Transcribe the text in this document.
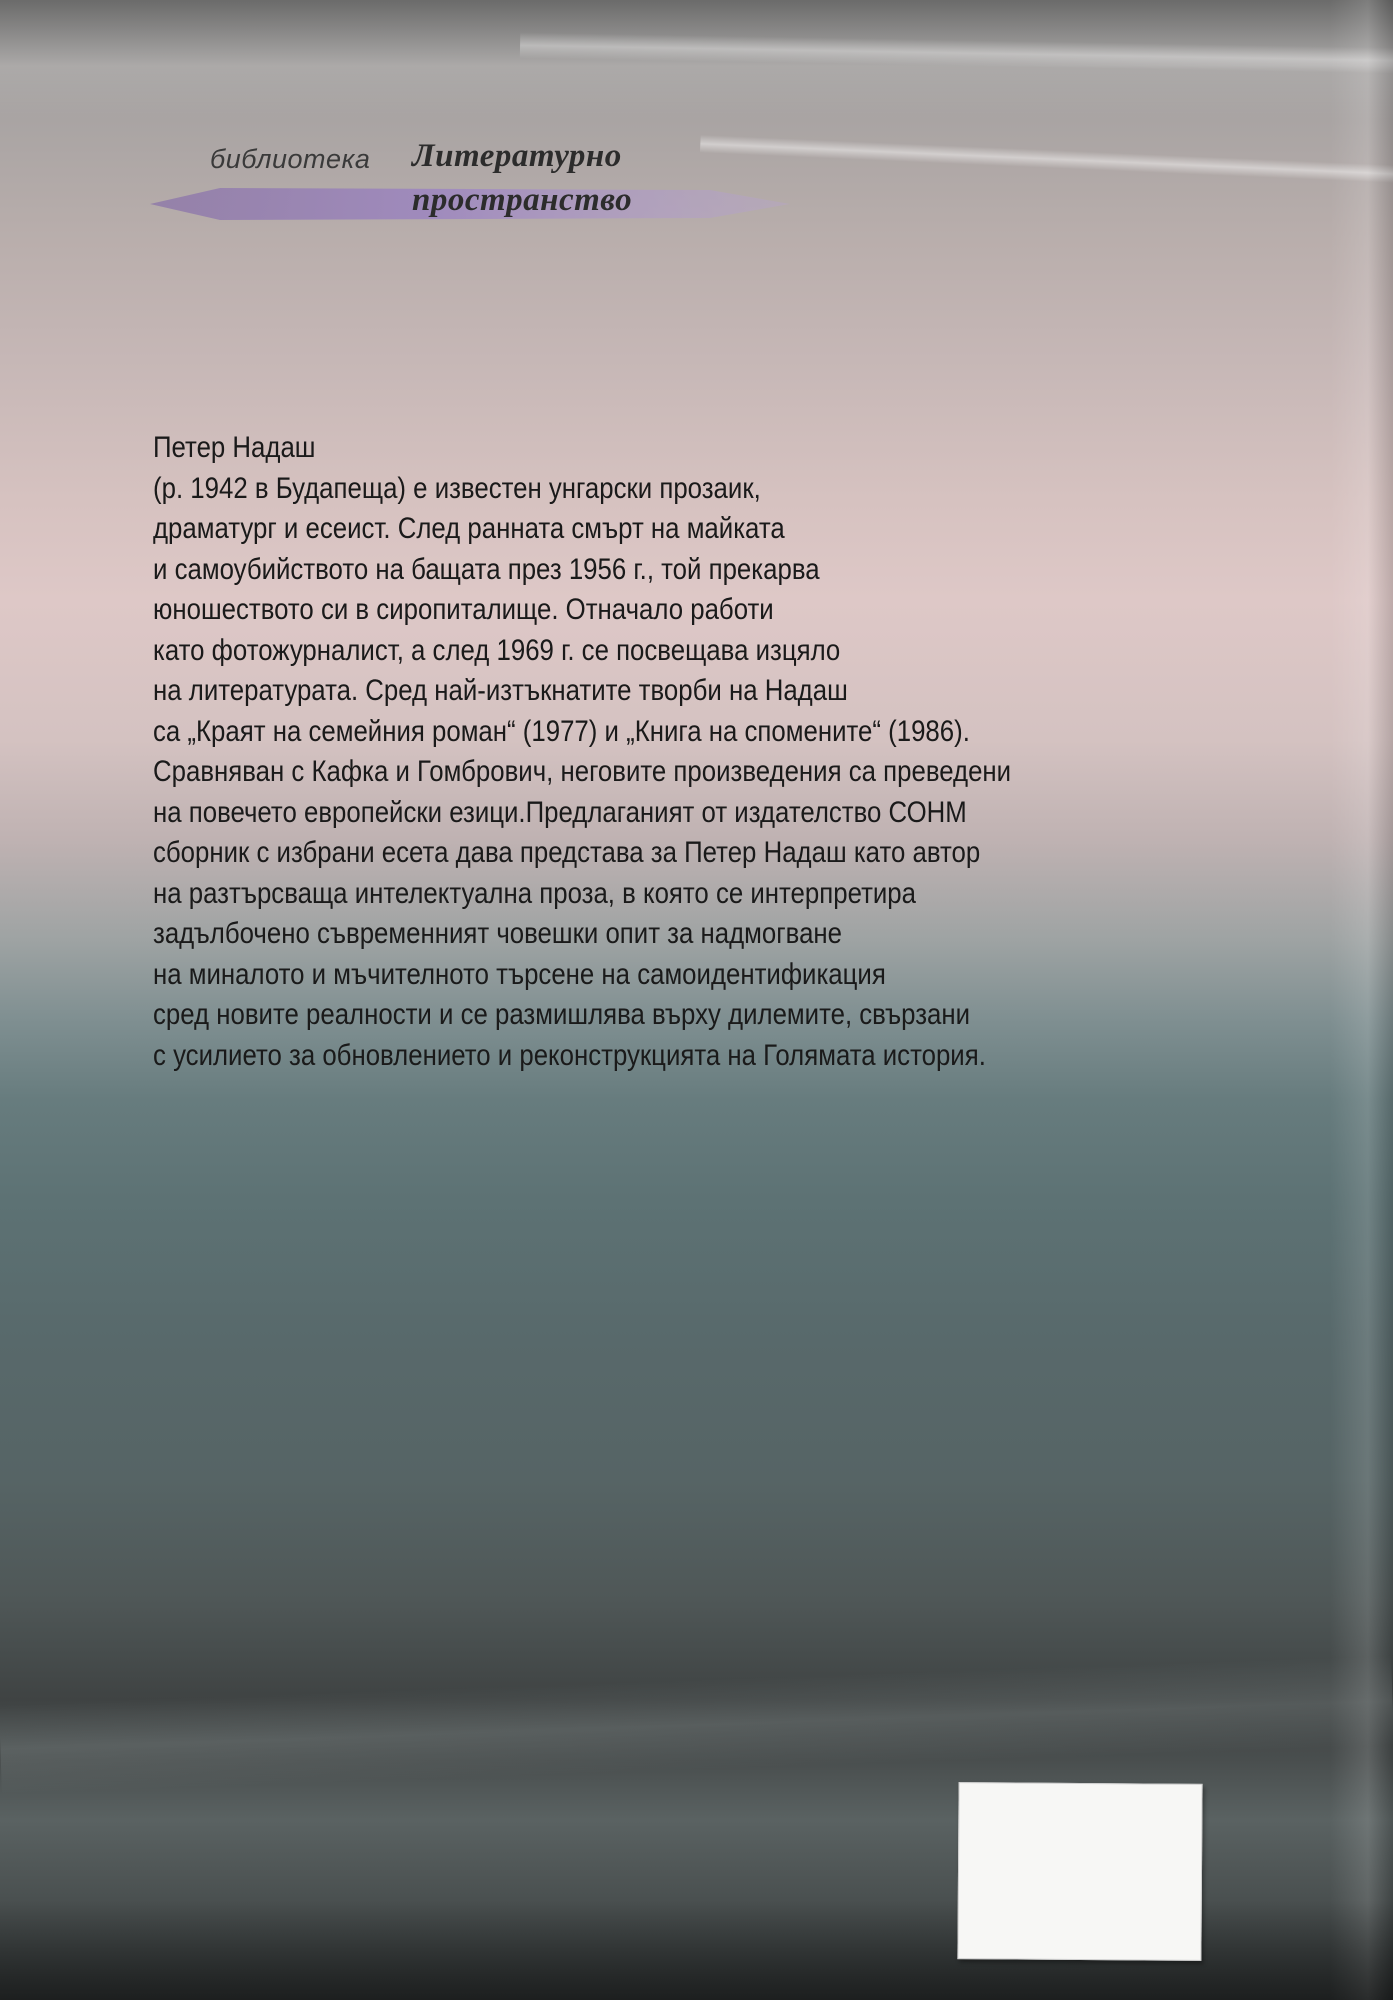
библиотека Литературно
пространство
Петер Надаш
(р. 1942 в Будапеща) е известен унгарски прозаик,
драматург и есеист. След ранната смърт на майката
и самоубийството на бащата през 1956 г., той прекарва
юношеството си в сиропиталище. Отначало работи
като фотожурналист, а след 1969 г. се посвещава изцяло
на литературата. Сред най-изтъкнатите творби на Надаш
са „Краят на семейния роман“ (1977) и „Книга на спомените“ (1986).
Сравняван с Кафка и Гомбрович, неговите произведения са преведени
на повечето европейски езици.Предлаганият от издателство СОНМ
сборник с избрани есета дава представа за Петер Надаш като автор
на разтърсваща интелектуална проза, в която се интерпретира
задълбочено съвременният човешки опит за надмогване
на миналото и мъчителното търсене на самоидентификация
сред новите реалности и се размишлява върху дилемите, свързани
с усилието за обновлението и реконструкцията на Голямата история.
